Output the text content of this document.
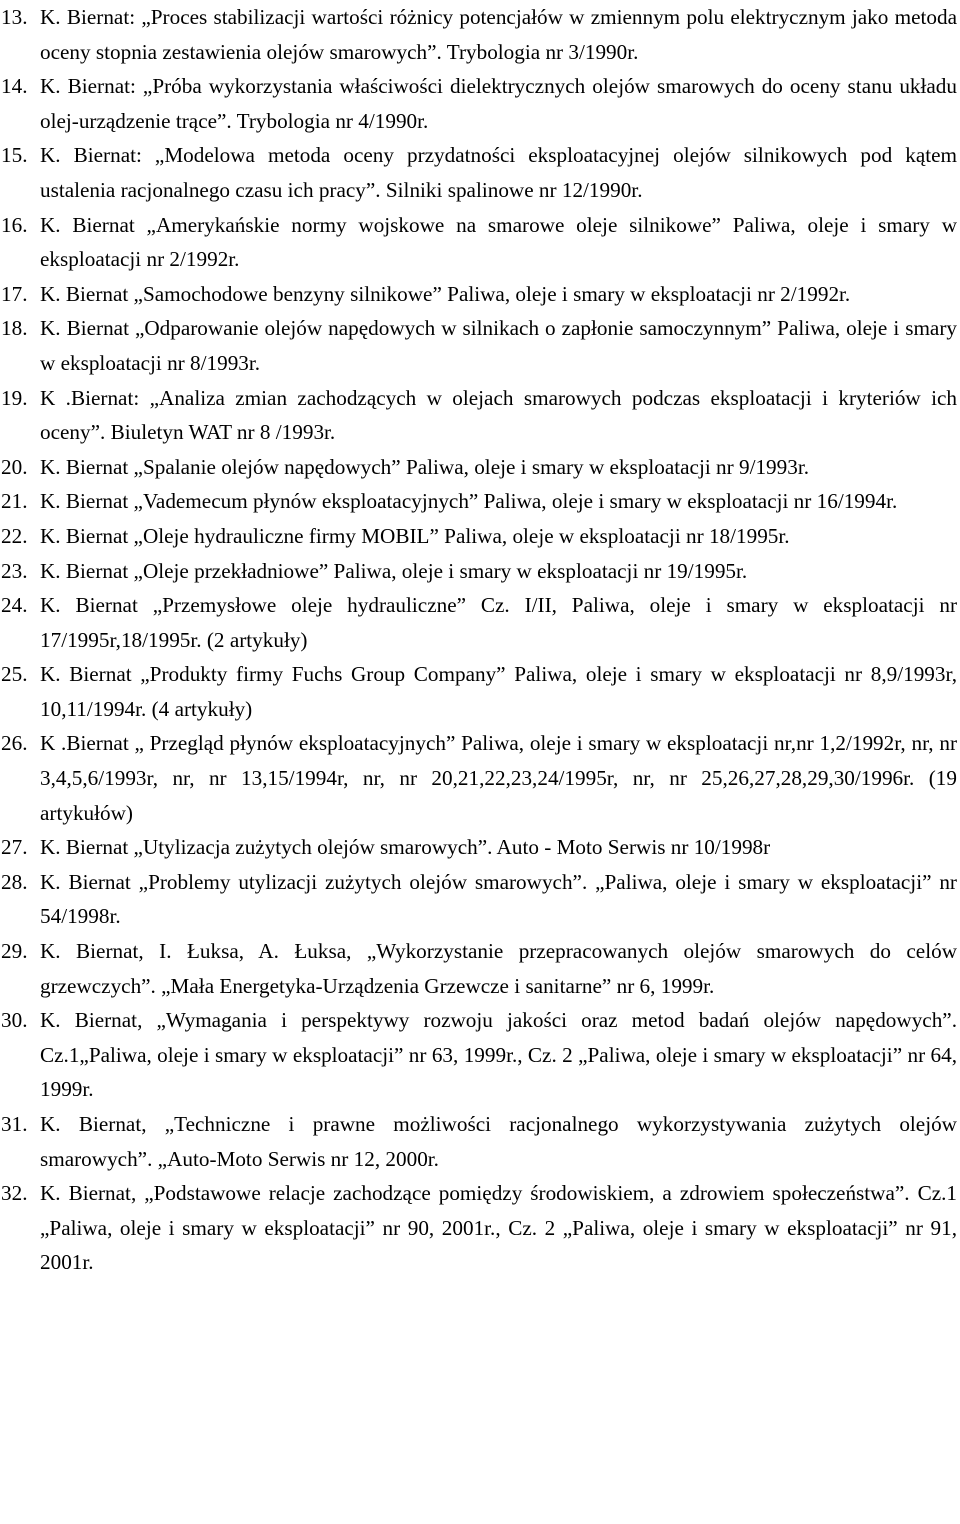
13. K. Biernat: „Proces stabilizacji wartości różnicy potencjałów w zmiennym polu elektrycznym jako metoda oceny stopnia zestawienia olejów smarowych”. Trybologia nr 3/1990r.
14. K. Biernat: „Próba wykorzystania właściwości dielektrycznych olejów smarowych do oceny stanu układu olej-urządzenie trące”. Trybologia nr 4/1990r.
15. K. Biernat: „Modelowa metoda oceny przydatności eksploatacyjnej olejów silnikowych pod kątem ustalenia racjonalnego czasu ich pracy”. Silniki spalinowe nr 12/1990r.
16. K. Biernat „Amerykańskie normy wojskowe na smarowe oleje silnikowe” Paliwa, oleje i smary w eksploatacji nr 2/1992r.
17. K. Biernat „Samochodowe benzyny silnikowe” Paliwa, oleje i smary w eksploatacji nr 2/1992r.
18. K. Biernat „Odparowanie olejów napędowych w silnikach o zapłonie samoczynnym” Paliwa, oleje i smary w eksploatacji nr 8/1993r.
19. K .Biernat: „Analiza zmian zachodzących w olejach smarowych podczas eksploatacji i kryteriów ich oceny”. Biuletyn WAT nr 8 /1993r.
20. K. Biernat „Spalanie olejów napędowych” Paliwa, oleje i smary w eksploatacji nr 9/1993r.
21. K. Biernat „Vademecum płynów eksploatacyjnych” Paliwa, oleje i smary w eksploatacji nr 16/1994r.
22. K. Biernat „Oleje hydrauliczne firmy MOBIL” Paliwa, oleje w eksploatacji nr 18/1995r.
23. K. Biernat „Oleje przekładniowe” Paliwa, oleje i smary w eksploatacji nr 19/1995r.
24. K. Biernat „Przemysłowe oleje hydrauliczne” Cz. I/II, Paliwa, oleje i smary w eksploatacji nr 17/1995r,18/1995r. (2 artykuły)
25. K. Biernat „Produkty firmy Fuchs Group Company” Paliwa, oleje i smary w eksploatacji nr 8,9/1993r, 10,11/1994r. (4 artykuły)
26. K .Biernat „ Przegląd płynów eksploatacyjnych” Paliwa, oleje i smary w eksploatacji nr,nr 1,2/1992r, nr, nr 3,4,5,6/1993r, nr, nr 13,15/1994r, nr, nr 20,21,22,23,24/1995r, nr, nr 25,26,27,28,29,30/1996r. (19 artykułów)
27. K. Biernat „Utylizacja zużytych olejów smarowych”. Auto - Moto Serwis nr 10/1998r
28. K. Biernat „Problemy utylizacji zużytych olejów smarowych”. „Paliwa, oleje i smary w eksploatacji” nr 54/1998r.
29. K. Biernat, I. Łuksa, A. Łuksa, „Wykorzystanie przepracowanych olejów smarowych do celów grzewczych”. „Mała Energetyka-Urządzenia Grzewcze i sanitarne” nr 6, 1999r.
30. K. Biernat, „Wymagania i perspektywy rozwoju jakości oraz metod badań olejów napędowych”. Cz.1„Paliwa, oleje i smary w eksploatacji” nr 63, 1999r., Cz. 2 „Paliwa, oleje i smary w eksploatacji” nr 64, 1999r.
31. K. Biernat, „Techniczne i prawne możliwości racjonalnego wykorzystywania zużytych olejów smarowych”. „Auto-Moto Serwis nr 12, 2000r.
32. K. Biernat, „Podstawowe relacje zachodzące pomiędzy środowiskiem, a zdrowiem społeczeństwa”. Cz.1 „Paliwa, oleje i smary w eksploatacji” nr 90, 2001r., Cz. 2 „Paliwa, oleje i smary w eksploatacji” nr 91, 2001r.
